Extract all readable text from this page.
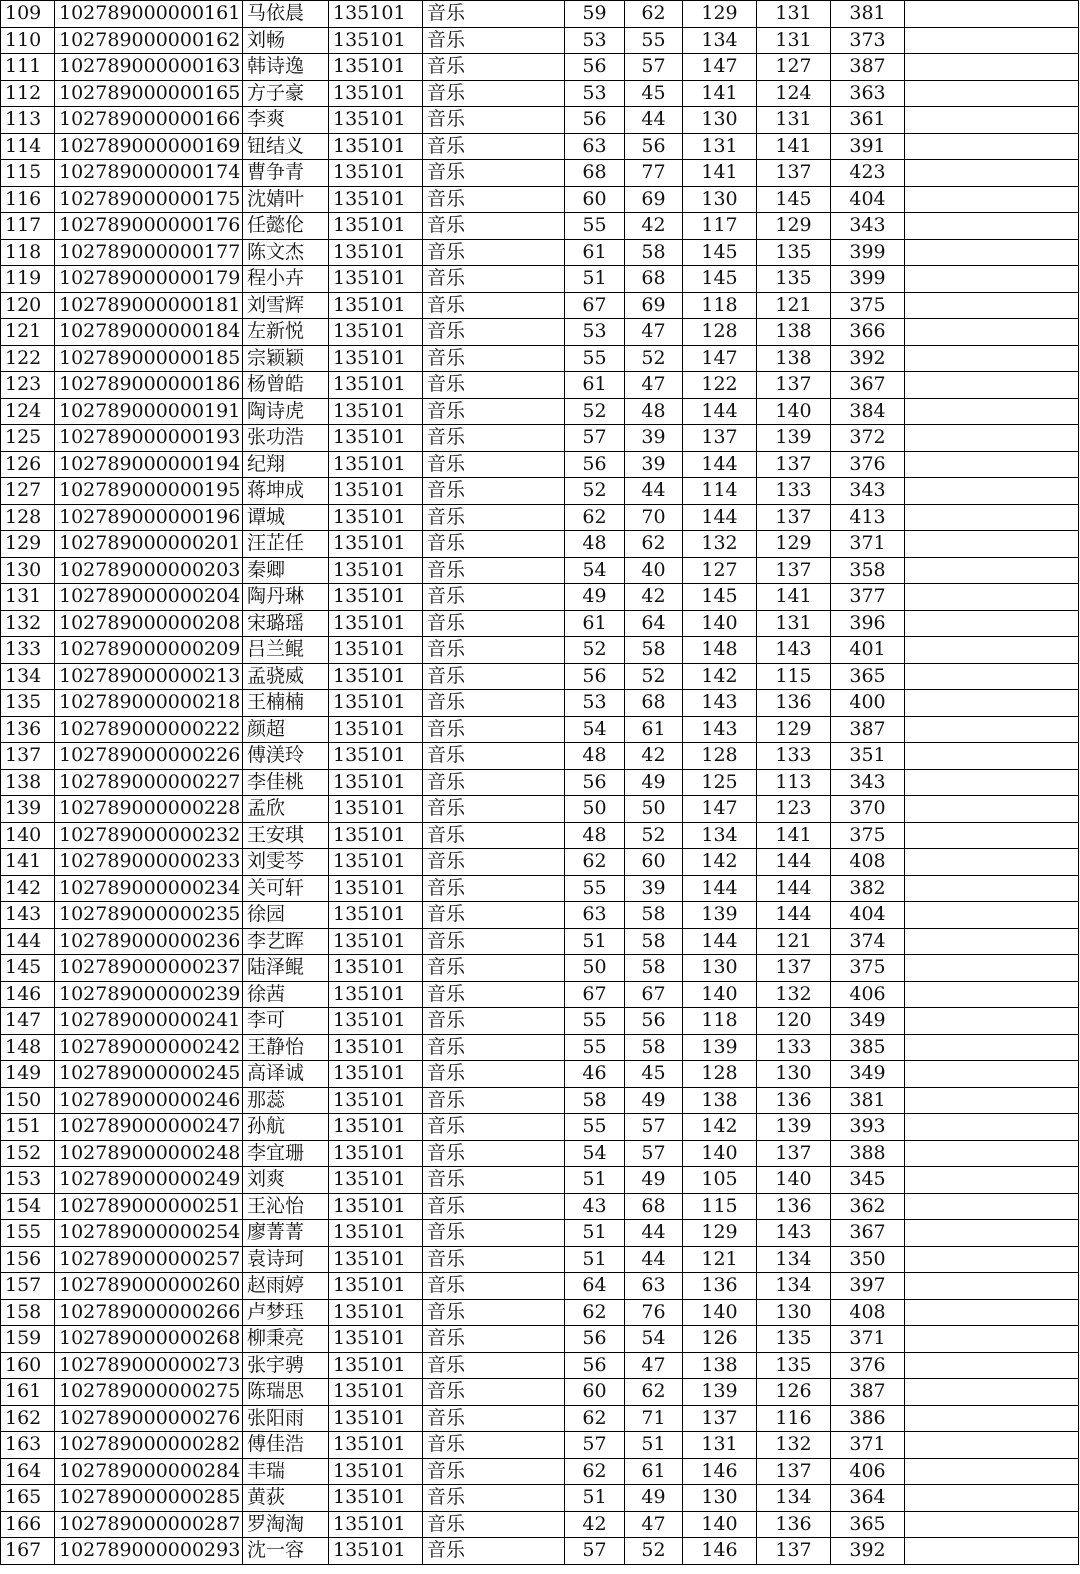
109	102789000000161	马依晨	135101	音乐	59	62	129	131	381	
110	102789000000162	刘畅	135101	音乐	53	55	134	131	373	
111	102789000000163	韩诗逸	135101	音乐	56	57	147	127	387	
112	102789000000165	方子豪	135101	音乐	53	45	141	124	363	
113	102789000000166	李爽	135101	音乐	56	44	130	131	361	
114	102789000000169	钮结义	135101	音乐	63	56	131	141	391	
115	102789000000174	曹争青	135101	音乐	68	77	141	137	423	
116	102789000000175	沈婧叶	135101	音乐	60	69	130	145	404	
117	102789000000176	任懿伦	135101	音乐	55	42	117	129	343	
118	102789000000177	陈文杰	135101	音乐	61	58	145	135	399	
119	102789000000179	程小卉	135101	音乐	51	68	145	135	399	
120	102789000000181	刘雪辉	135101	音乐	67	69	118	121	375	
121	102789000000184	左新悦	135101	音乐	53	47	128	138	366	
122	102789000000185	宗颖颖	135101	音乐	55	52	147	138	392	
123	102789000000186	杨曾皓	135101	音乐	61	47	122	137	367	
124	102789000000191	陶诗虎	135101	音乐	52	48	144	140	384	
125	102789000000193	张功浩	135101	音乐	57	39	137	139	372	
126	102789000000194	纪翔	135101	音乐	56	39	144	137	376	
127	102789000000195	蒋坤成	135101	音乐	52	44	114	133	343	
128	102789000000196	谭城	135101	音乐	62	70	144	137	413	
129	102789000000201	汪芷任	135101	音乐	48	62	132	129	371	
130	102789000000203	秦卿	135101	音乐	54	40	127	137	358	
131	102789000000204	陶丹琳	135101	音乐	49	42	145	141	377	
132	102789000000208	宋璐瑶	135101	音乐	61	64	140	131	396	
133	102789000000209	吕兰鲲	135101	音乐	52	58	148	143	401	
134	102789000000213	孟骁威	135101	音乐	56	52	142	115	365	
135	102789000000218	王楠楠	135101	音乐	53	68	143	136	400	
136	102789000000222	颜超	135101	音乐	54	61	143	129	387	
137	102789000000226	傅渼玲	135101	音乐	48	42	128	133	351	
138	102789000000227	李佳桃	135101	音乐	56	49	125	113	343	
139	102789000000228	孟欣	135101	音乐	50	50	147	123	370	
140	102789000000232	王安琪	135101	音乐	48	52	134	141	375	
141	102789000000233	刘雯芩	135101	音乐	62	60	142	144	408	
142	102789000000234	关可轩	135101	音乐	55	39	144	144	382	
143	102789000000235	徐园	135101	音乐	63	58	139	144	404	
144	102789000000236	李艺晖	135101	音乐	51	58	144	121	374	
145	102789000000237	陆泽鲲	135101	音乐	50	58	130	137	375	
146	102789000000239	徐茜	135101	音乐	67	67	140	132	406	
147	102789000000241	李可	135101	音乐	55	56	118	120	349	
148	102789000000242	王静怡	135101	音乐	55	58	139	133	385	
149	102789000000245	高译诚	135101	音乐	46	45	128	130	349	
150	102789000000246	那蕊	135101	音乐	58	49	138	136	381	
151	102789000000247	孙航	135101	音乐	55	57	142	139	393	
152	102789000000248	李宜珊	135101	音乐	54	57	140	137	388	
153	102789000000249	刘爽	135101	音乐	51	49	105	140	345	
154	102789000000251	王沁怡	135101	音乐	43	68	115	136	362	
155	102789000000254	廖菁菁	135101	音乐	51	44	129	143	367	
156	102789000000257	袁诗珂	135101	音乐	51	44	121	134	350	
157	102789000000260	赵雨婷	135101	音乐	64	63	136	134	397	
158	102789000000266	卢梦珏	135101	音乐	62	76	140	130	408	
159	102789000000268	柳秉亮	135101	音乐	56	54	126	135	371	
160	102789000000273	张宇骋	135101	音乐	56	47	138	135	376	
161	102789000000275	陈瑞思	135101	音乐	60	62	139	126	387	
162	102789000000276	张阳雨	135101	音乐	62	71	137	116	386	
163	102789000000282	傅佳浩	135101	音乐	57	51	131	132	371	
164	102789000000284	丰瑞	135101	音乐	62	61	146	137	406	
165	102789000000285	黄荻	135101	音乐	51	49	130	134	364	
166	102789000000287	罗淘淘	135101	音乐	42	47	140	136	365	
167	102789000000293	沈一容	135101	音乐	57	52	146	137	392	
